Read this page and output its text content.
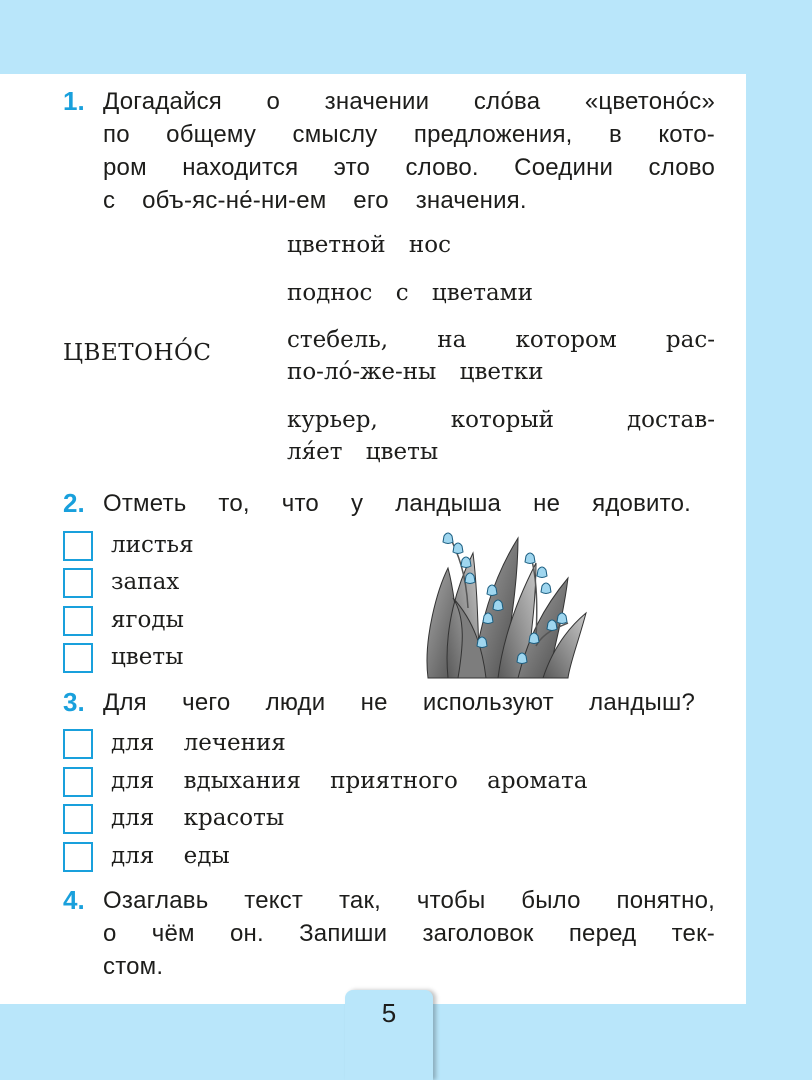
1. Догадайся о значении сло́ва «цветоно́с»
по общему смыслу предложения, в кото-
ром находится это слово. Соедини слово
с объ-яс-не́-ни-ем его значения.
ЦВЕТОНО́С
цветной нос
поднос с цветами
стебель, на котором рас-
по-ло́-же-ны цветки
курьер, который достав-
ля́ет цветы
2. Отметь то, что у ландыша не ядовито.
листья
запах
ягоды
цветы
3. Для чего люди не используют ландыш?
для лечения
для вдыхания приятного аромата
для красоты
для еды
4. Озаглавь текст так, чтобы было понятно,
о чём он. Запиши заголовок перед тек-
стом.
5
